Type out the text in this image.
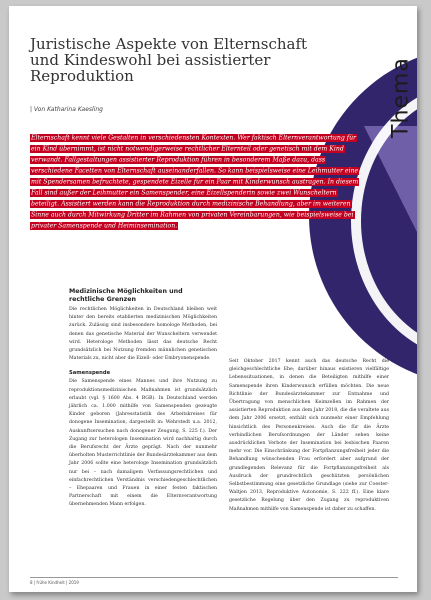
Thema
Juristische Aspekte von Elternschaft und Kindeswohl bei assistierter Reproduktion
| Von Katharina Kaesling

Elternschaft kennt viele Gestalten in verschiedensten Kontexten. Wer faktisch Elternverantwortung für ein Kind übernimmt, ist nicht notwendigerweise rechtlicher Elternteil oder genetisch mit dem Kind verwandt. Fallgestaltungen assistierter Reproduktion führen in besonderem Maße dazu, dass verschiedene Facetten von Elternschaft auseinanderfallen. So kann beispielsweise eine Leihmutter eine mit Spendersamen befruchtete, gespendete Eizelle für ein Paar mit Kinderwunsch austragen. In diesem Fall sind außer der Leihmutter ein Samenspender, eine Eizellspenderin sowie zwei Wunscheltern beteiligt. Assistiert werden kann die Reproduktion durch medizinische Behandlung, aber im weiteren Sinne auch durch Mitwirkung Dritter im Rahmen von privaten Vereinbarungen, wie beispielsweise bei privater Samenspende und Heiminsemination.

Medizinische Möglichkeiten und rechtliche Grenzen

Die rechtlichen Möglichkeiten in Deutschland bleiben weit hinter den bereits etablierten medizinischen Möglichkeiten zurück. Zulässig sind insbesondere homologe Methoden, bei denen das genetische Material der Wunscheltern verwendet wird. Heterologe Methoden lässt das deutsche Recht grundsätzlich bei Nutzung fremden männlichen genetischen Materials zu, nicht aber die Eizell- oder Embryonenspende.

Samenspende

Die Samenspende eines Mannes und ihre Nutzung zu reproduktionsmedizinischen Maßnahmen ist grundsätzlich erlaubt (vgl. § 1600 Abs. 4 BGB). In Deutschland werden jährlich ca. 1.000 mithilfe von Samenspenden gezeugte Kinder geboren (Jahresstatistik des Arbeitskreises für donogene Insemination, dargestellt in: Wehrstedt u.a. 2012, Auskunftsersuchen nach donogener Zeugung, S. 225 f.). Der Zugang zur heterologen Insemination wird nachhaltig durch die Berufsrecht der Ärzte geprägt. Nach der nunmehr überholten Musterrichtlinie der Bundesärztekammer aus dem Jahr 2006 sollte eine heterologe Insemination grundsätzlich nur bei – nach damaligem Verfassungsrechtlichen und einfachrechtlichen Verständnis verschiedengeschlechtlichen – Ehepaaren und Frauen in einer festen faktischen Partnerschaft mit einem die Elternverantwortung übernehmenden Mann erfolgen.

Seit Oktober 2017 kennt auch das deutsche Recht die gleichgeschlechtliche Ehe; darüber hinaus existieren vielfältige Lebenssituationen, in denen die Beteiligten mithilfe einer Samenspende ihren Kinderwunsch erfüllen möchten. Die neue Richtlinie der Bundesärztekammer zur Entnahme und Übertragung von menschlichen Keimzellen im Rahmen der assistierten Reproduktion aus dem Jahr 2018, die die veraltete aus dem Jahr 2006 ersetzt, enthält sich nunmehr einer Empfehlung hinsichtlich des Personenkreises. Auch die für die Ärzte verbindlichen Berufsordnungen der Länder sehen keine ausdrücklichen Verbote der Insemination bei lesbischen Paaren mehr vor. Die Einschränkung der Fortpflanzungsfreiheit jeder die Behandlung wünschenden Frau erfordert aber aufgrund der grundlegenden Relevanz für die Fortpflanzungsfreiheit als Ausdruck der grundrechtlich geschützten persönlichen Selbstbestimmung eine gesetzliche Grundlage (siehe zur Coester-Waltjen 2013, Reproduktive Autonomie, S. 222 ff.). Eine klare gesetzliche Regelung über den Zugang zu reproduktiven Maßnahmen mithilfe von Samenspende ist daher zu schaffen.

8 | frühe Kindheit | 2019
